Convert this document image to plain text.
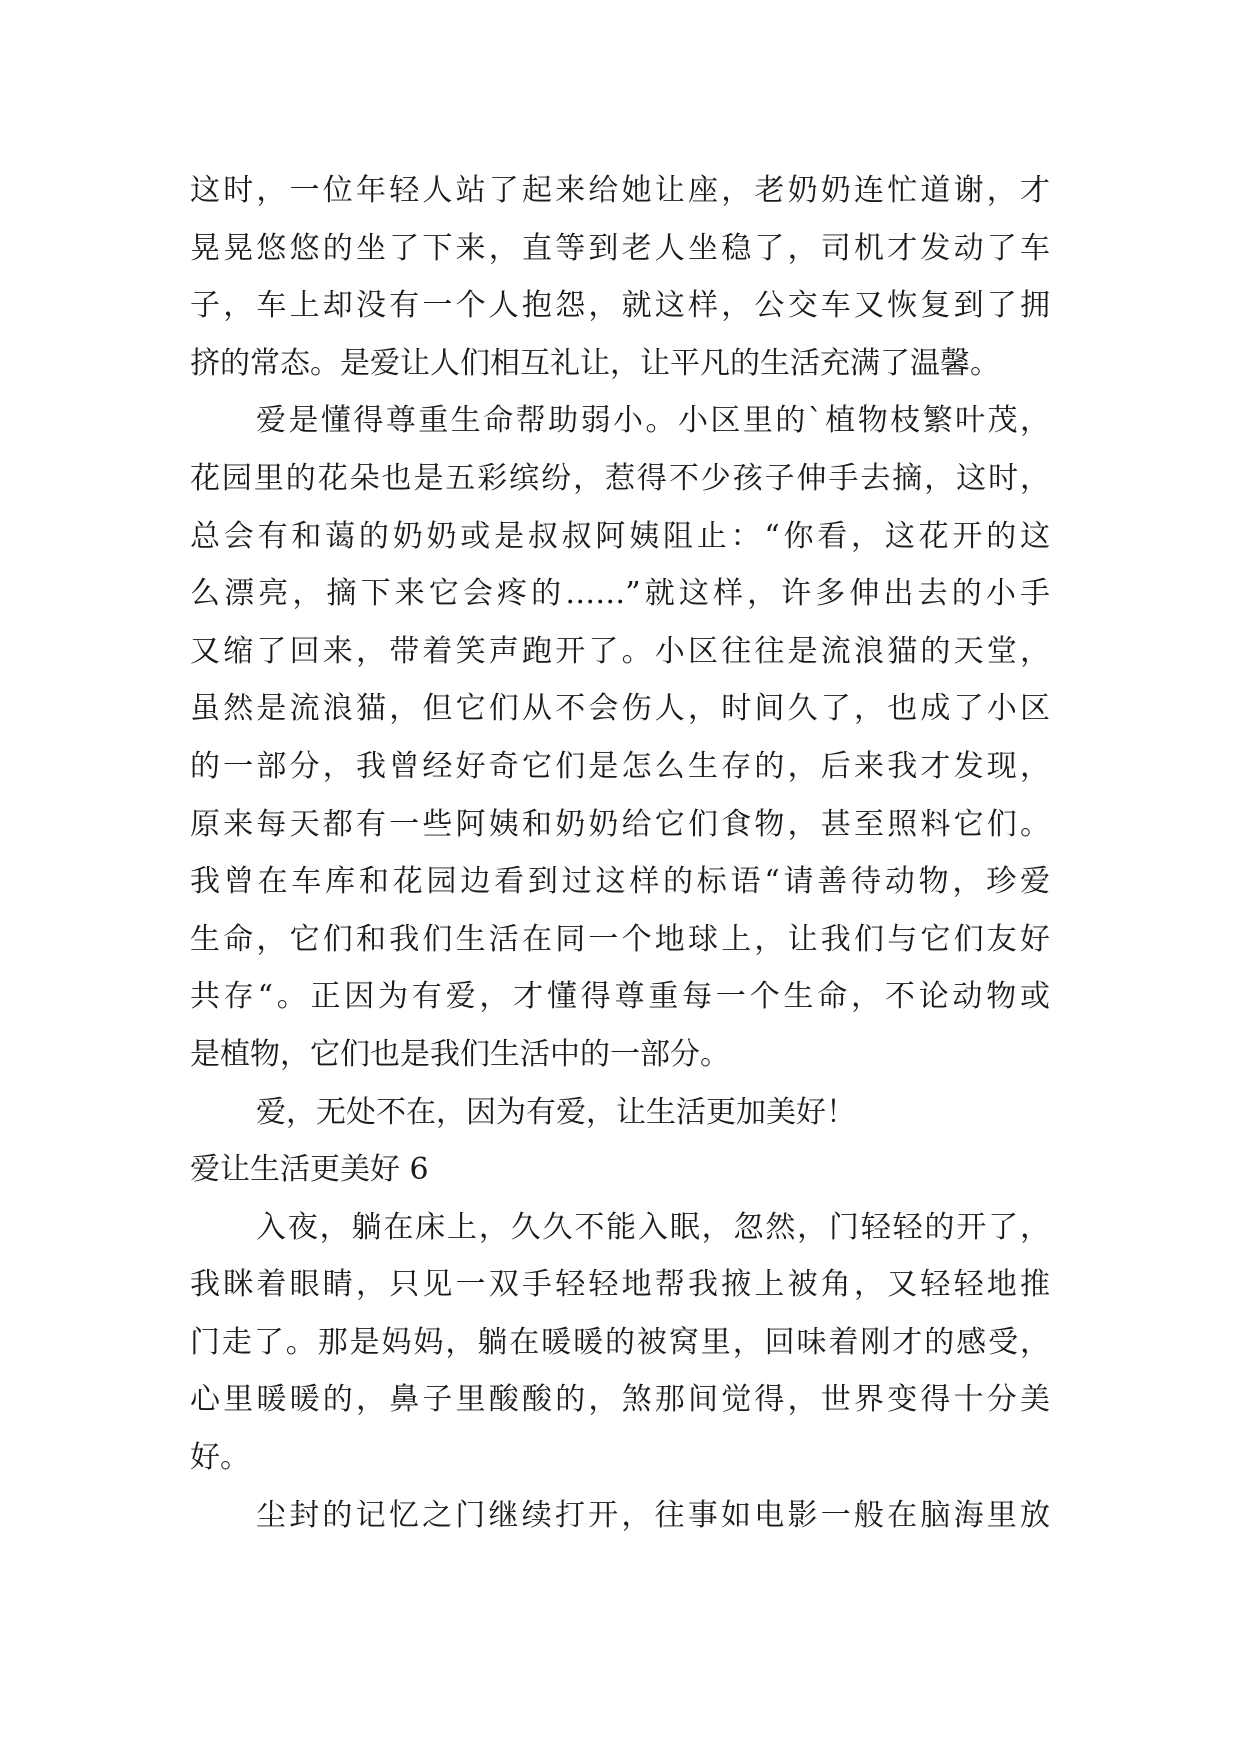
这时，一位年轻人站了起来给她让座，老奶奶连忙道谢，才
晃晃悠悠的坐了下来，直等到老人坐稳了，司机才发动了车
子，车上却没有一个人抱怨，就这样，公交车又恢复到了拥
挤的常态。是爱让人们相互礼让，让平凡的生活充满了温馨。
爱是懂得尊重生命帮助弱小。小区里的`植物枝繁叶茂，
花园里的花朵也是五彩缤纷，惹得不少孩子伸手去摘，这时，
总会有和蔼的奶奶或是叔叔阿姨阻止：“你看，这花开的这
么漂亮，摘下来它会疼的……”就这样，许多伸出去的小手
又缩了回来，带着笑声跑开了。小区往往是流浪猫的天堂，
虽然是流浪猫，但它们从不会伤人，时间久了，也成了小区
的一部分，我曾经好奇它们是怎么生存的，后来我才发现，
原来每天都有一些阿姨和奶奶给它们食物，甚至照料它们。
我曾在车库和花园边看到过这样的标语“请善待动物，珍爱
生命，它们和我们生活在同一个地球上，让我们与它们友好
共存“。正因为有爱，才懂得尊重每一个生命，不论动物或
是植物，它们也是我们生活中的一部分。
爱，无处不在，因为有爱，让生活更加美好！
爱让生活更美好 6
入夜，躺在床上，久久不能入眠，忽然，门轻轻的开了，
我眯着眼睛，只见一双手轻轻地帮我掖上被角，又轻轻地推
门走了。那是妈妈，躺在暖暖的被窝里，回味着刚才的感受，
心里暖暖的，鼻子里酸酸的，煞那间觉得，世界变得十分美
好。
尘封的记忆之门继续打开，往事如电影一般在脑海里放
